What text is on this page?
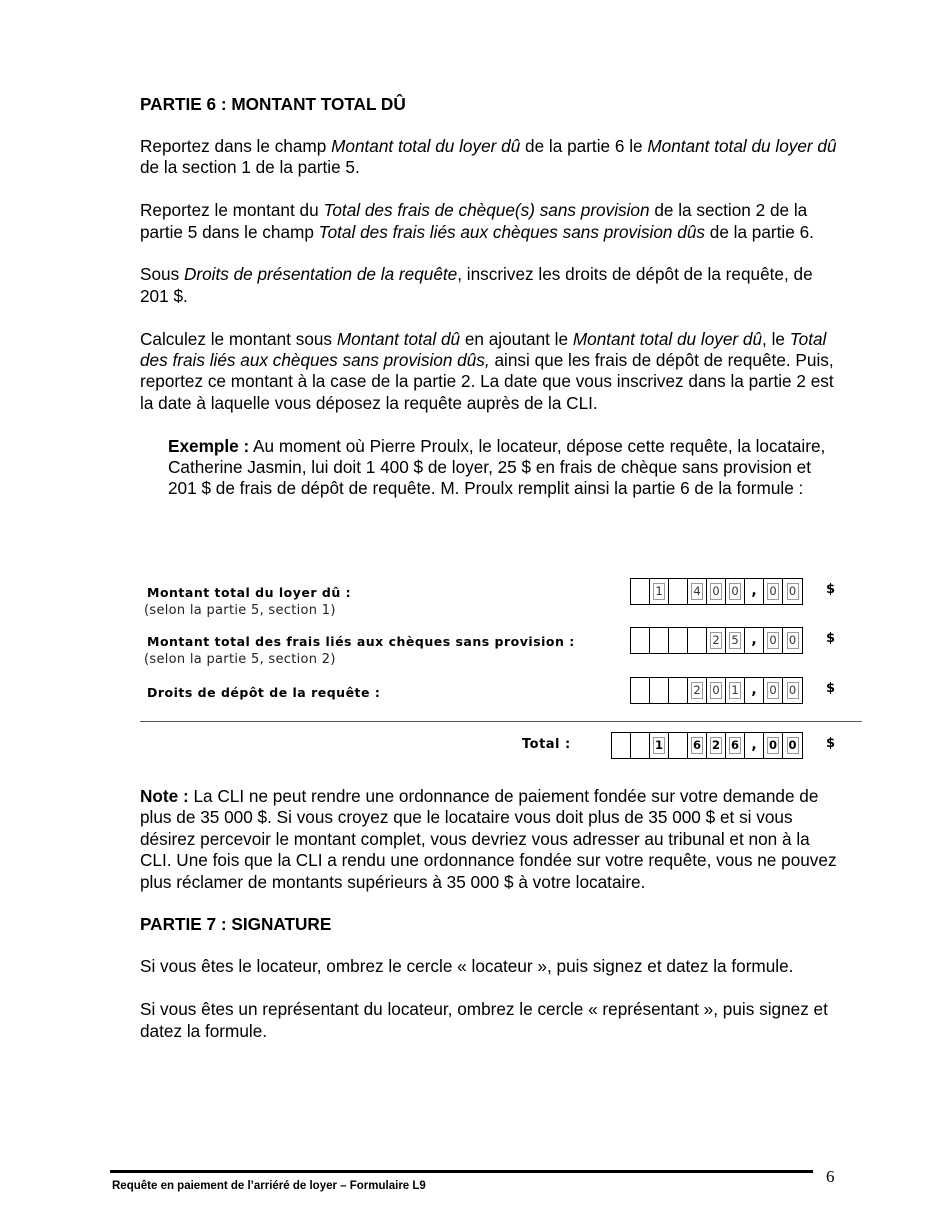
PARTIE 6 : MONTANT TOTAL DÛ

Reportez dans le champ Montant total du loyer dû de la partie 6 le Montant total du loyer dû de la section 1 de la partie 5.

Reportez le montant du Total des frais de chèque(s) sans provision de la section 2 de la partie 5 dans le champ Total des frais liés aux chèques sans provision dûs de la partie 6.

Sous Droits de présentation de la requête, inscrivez les droits de dépôt de la requête, de 201 $.

Calculez le montant sous Montant total dû en ajoutant le Montant total du loyer dû, le Total des frais liés aux chèques sans provision dûs, ainsi que les frais de dépôt de requête. Puis, reportez ce montant à la case de la partie 2. La date que vous inscrivez dans la partie 2 est la date à laquelle vous déposez la requête auprès de la CLI.

Exemple : Au moment où Pierre Proulx, le locateur, dépose cette requête, la locataire, Catherine Jasmin, lui doit 1 400 $ de loyer, 25 $ en frais de chèque sans provision et 201 $ de frais de dépôt de requête. M. Proulx remplit ainsi la partie 6 de la formule :

Montant total du loyer dû :
(selon la partie 5, section 1)
1	4 0 0 , 0 0 $
Montant total des frais liés aux chèques sans provision :
(selon la partie 5, section 2)
2 5 , 0 0 $
Droits de dépôt de la requête :	2 0 1 , 0 0 $
Total :	1	6 2 6 , 0 0 $

Note : La CLI ne peut rendre une ordonnance de paiement fondée sur votre demande de plus de 35 000 $. Si vous croyez que le locataire vous doit plus de 35 000 $ et si vous désirez percevoir le montant complet, vous devriez vous adresser au tribunal et non à la CLI. Une fois que la CLI a rendu une ordonnance fondée sur votre requête, vous ne pouvez plus réclamer de montants supérieurs à 35 000 $ à votre locataire.

PARTIE 7 : SIGNATURE

Si vous êtes le locateur, ombrez le cercle « locateur », puis signez et datez la formule.

Si vous êtes un représentant du locateur, ombrez le cercle « représentant », puis signez et datez la formule.

Requête en paiement de l’arriéré de loyer – Formulaire L9	6
